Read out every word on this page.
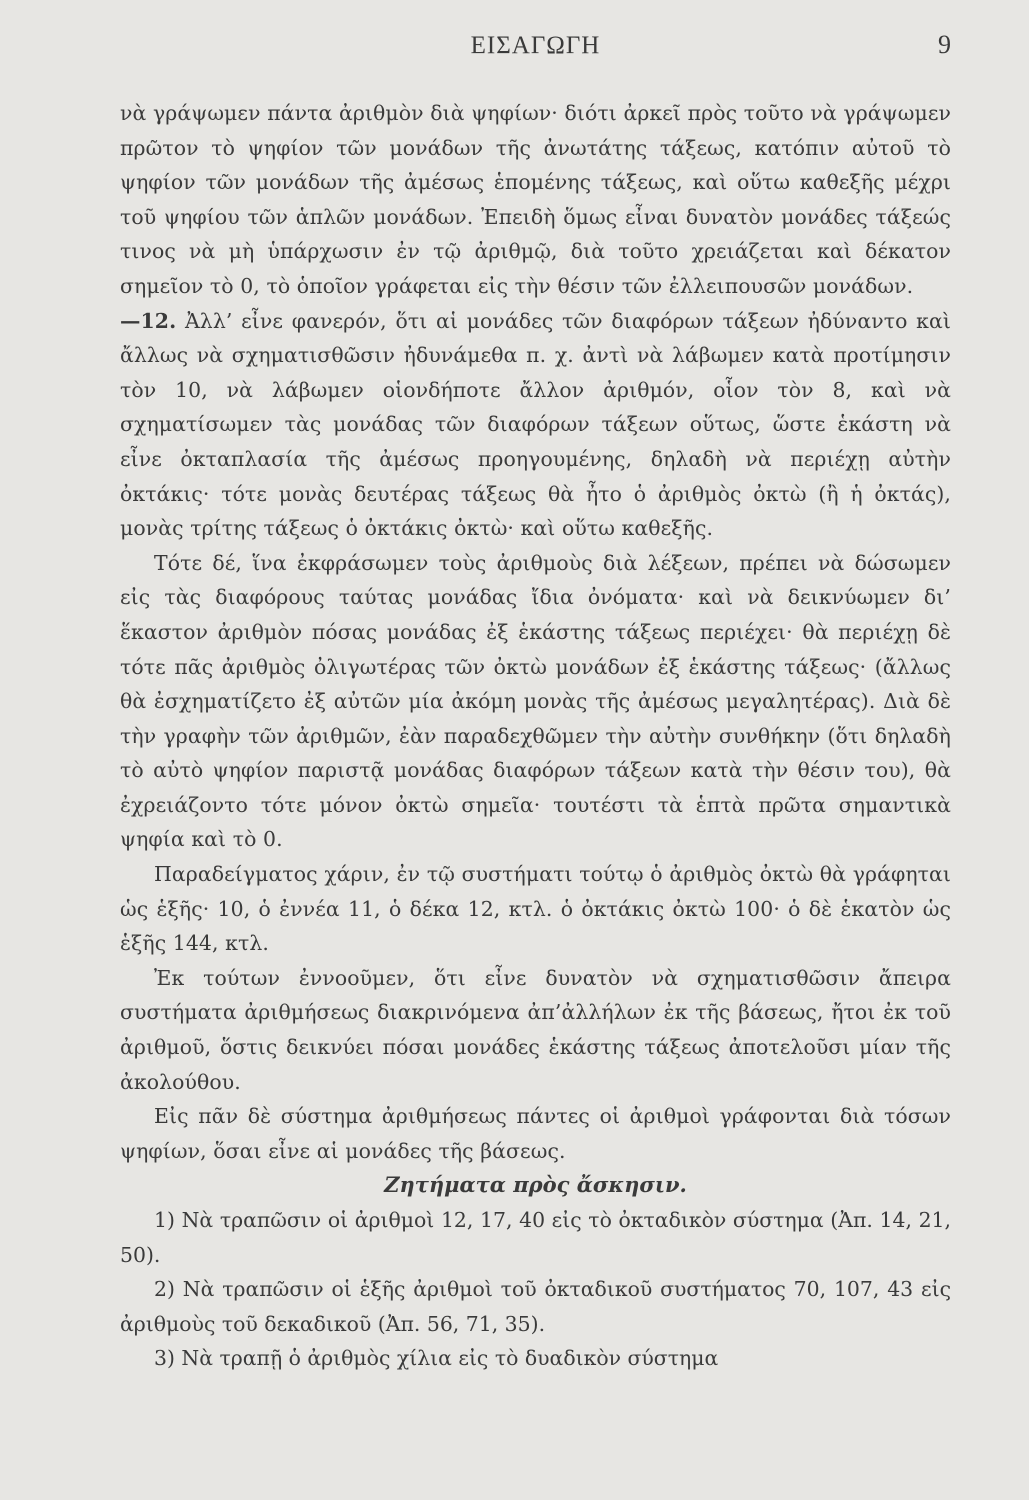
ΕΙΣΑΓΩΓΗ	9

νὰ γράψωμεν πάντα ἀριθμὸν διὰ ψηφίων· διότι ἀρκεῖ πρὸς τοῦτο νὰ γράψωμεν πρῶτον τὸ ψηφίον τῶν μονάδων τῆς ἀνωτάτης τάξεως, κατόπιν αὐτοῦ τὸ ψηφίον τῶν μονάδων τῆς ἀμέσως ἑπομένης τάξεως, καὶ οὕτω καθεξῆς μέχρι τοῦ ψηφίου τῶν ἁπλῶν μονάδων. Ἐπειδὴ ὅμως εἶναι δυνατὸν μονάδες τάξεώς τινος νὰ μὴ ὑπάρχωσιν ἐν τῷ ἀριθμῷ, διὰ τοῦτο χρειάζεται καὶ δέκατον σημεῖον τὸ 0, τὸ ὁποῖον γράφεται εἰς τὴν θέσιν τῶν ἐλλειπουσῶν μονάδων.

—12. Ἀλλ’ εἶνε φανερόν, ὅτι αἱ μονάδες τῶν διαφόρων τάξεων ἠδύναντο καὶ ἄλλως νὰ σχηματισθῶσιν ἠδυνάμεθα π. χ. ἀντὶ νὰ λάβωμεν κατὰ προτίμησιν τὸν 10, νὰ λάβωμεν οἱονδήποτε ἄλλον ἀριθμόν, οἷον τὸν 8, καὶ νὰ σχηματίσωμεν τὰς μονάδας τῶν διαφόρων τάξεων οὕτως, ὥστε ἑκάστη νὰ εἶνε ὀκταπλασία τῆς ἀμέσως προηγουμένης, δηλαδὴ νὰ περιέχῃ αὐτὴν ὀκτάκις· τότε μονὰς δευτέρας τάξεως θὰ ἦτο ὁ ἀριθμὸς ὀκτὼ (ἢ ἡ ὀκτάς), μονὰς τρίτης τάξεως ὁ ὀκτάκις ὀκτὼ· καὶ οὕτω καθεξῆς.

Τότε δέ, ἵνα ἐκφράσωμεν τοὺς ἀριθμοὺς διὰ λέξεων, πρέπει νὰ δώσωμεν εἰς τὰς διαφόρους ταύτας μονάδας ἴδια ὀνόματα· καὶ νὰ δεικνύωμεν δι’ ἕκαστον ἀριθμὸν πόσας μονάδας ἐξ ἑκάστης τάξεως περιέχει· θὰ περιέχῃ δὲ τότε πᾶς ἀριθμὸς ὀλιγωτέρας τῶν ὀκτὼ μονάδων ἐξ ἑκάστης τάξεως· (ἄλλως θὰ ἐσχηματίζετο ἐξ αὐτῶν μία ἀκόμη μονὰς τῆς ἀμέσως μεγαλητέρας). Διὰ δὲ τὴν γραφὴν τῶν ἀριθμῶν, ἐὰν παραδεχθῶμεν τὴν αὐτὴν συνθήκην (ὅτι δηλαδὴ τὸ αὐτὸ ψηφίον παριστᾷ μονάδας διαφόρων τάξεων κατὰ τὴν θέσιν του), θὰ ἐχρειάζοντο τότε μόνον ὀκτὼ σημεῖα· τουτέστι τὰ ἑπτὰ πρῶτα σημαντικὰ ψηφία καὶ τὸ 0.

Παραδείγματος χάριν, ἐν τῷ συστήματι τούτῳ ὁ ἀριθμὸς ὀκτὼ θὰ γράφηται ὡς ἑξῆς· 10, ὁ ἐννέα 11, ὁ δέκα 12, κτλ. ὁ ὀκτάκις ὀκτὼ 100· ὁ δὲ ἑκατὸν ὡς ἑξῆς 144, κτλ.

Ἐκ τούτων ἐννοοῦμεν, ὅτι εἶνε δυνατὸν νὰ σχηματισθῶσιν ἄπειρα συστήματα ἀριθμήσεως διακρινόμενα ἀπ’ἀλλήλων ἐκ τῆς βάσεως, ἤτοι ἐκ τοῦ ἀριθμοῦ, ὅστις δεικνύει πόσαι μονάδες ἑκάστης τάξεως ἀποτελοῦσι μίαν τῆς ἀκολούθου.

Εἰς πᾶν δὲ σύστημα ἀριθμήσεως πάντες οἱ ἀριθμοὶ γράφονται διὰ τόσων ψηφίων, ὅσαι εἶνε αἱ μονάδες τῆς βάσεως.

Ζητήματα πρὸς ἄσκησιν.

1) Νὰ τραπῶσιν οἱ ἀριθμοὶ 12, 17, 40 εἰς τὸ ὀκταδικὸν σύστημα (Ἀπ. 14, 21, 50).

2) Νὰ τραπῶσιν οἱ ἑξῆς ἀριθμοὶ τοῦ ὀκταδικοῦ συστήματος 70, 107, 43 εἰς ἀριθμοὺς τοῦ δεκαδικοῦ (Ἀπ. 56, 71, 35).

3) Νὰ τραπῇ ὁ ἀριθμὸς χίλια εἰς τὸ δυαδικὸν σύστημα
